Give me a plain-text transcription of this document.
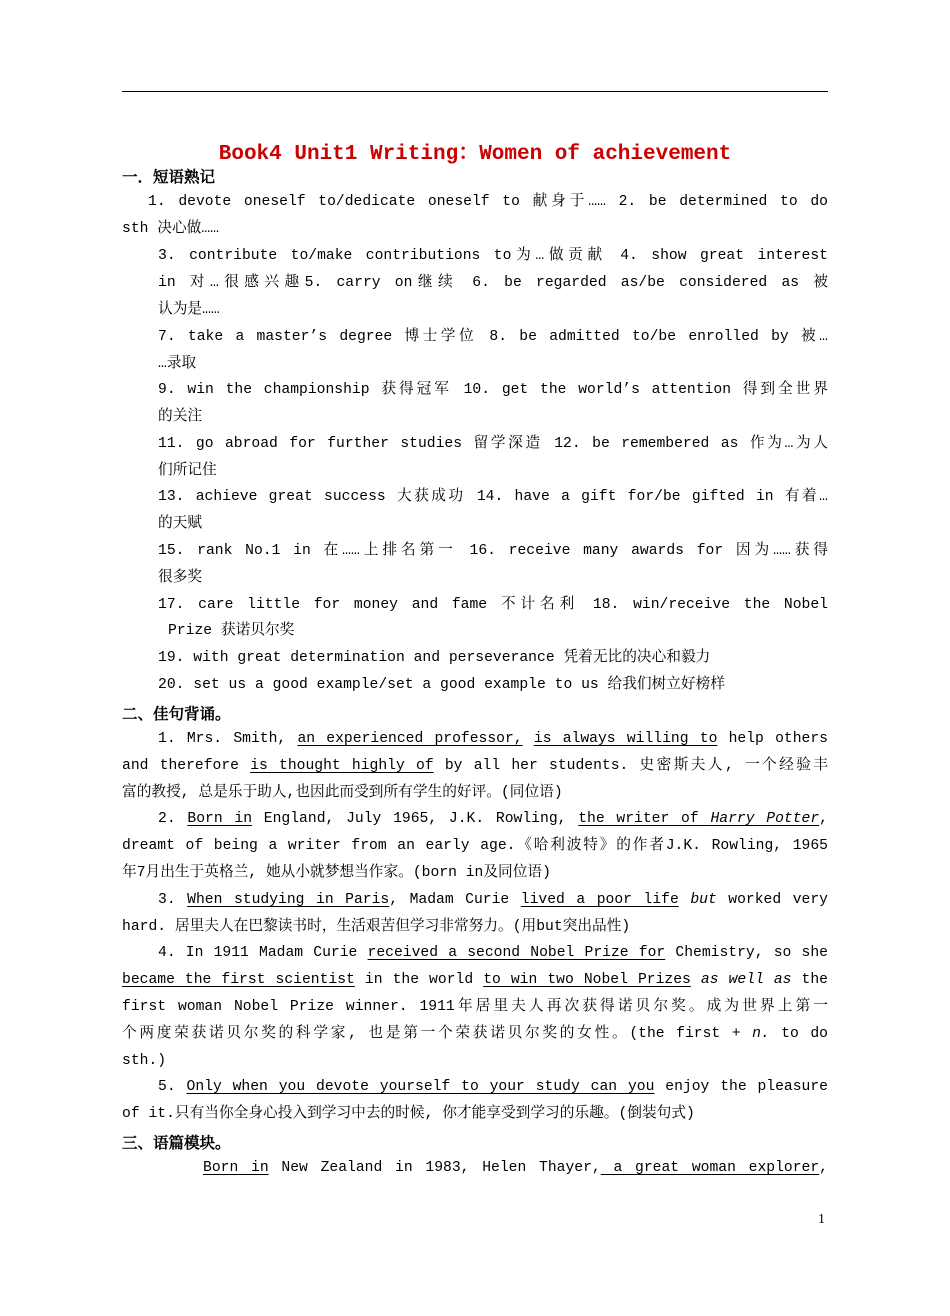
Book4 Unit1 Writing：Women of achievement
一．短语熟记
1. devote oneself to/dedicate oneself to 献身于…… 2. be determined to do
sth 决心做……
3. contribute to/make contributions to为…做贡献 4. show great interest
in 对…很感兴趣5. carry on继续 6. be regarded as/be considered as 被
认为是……
7. take a master’s degree 博士学位 8. be admitted to/be enrolled by 被…
…录取
9. win the championship 获得冠军 10. get the world’s attention 得到全世界
的关注
11. go abroad for further studies 留学深造 12. be remembered as 作为…为人
们所记住
13. achieve great success 大获成功 14. have a gift for/be gifted in 有着…
的天赋
15. rank No.1 in 在……上排名第一 16. receive many awards for 因为……获得
很多奖
17. care little for money and fame 不计名利 18. win/receive the Nobel
Prize 获诺贝尔奖
19. with great determination and perseverance 凭着无比的决心和毅力
20. set us a good example/set a good example to us 给我们树立好榜样
二、佳句背诵。
1. Mrs. Smith, an experienced professor, is always willing to help others
and therefore is thought highly of by all her students. 史密斯夫人, 一个经验丰
富的教授, 总是乐于助人,也因此而受到所有学生的好评。(同位语)
2. Born in England, July 1965, J.K. Rowling, the writer of Harry Potter,
dreamt of being a writer from an early age.《哈利波特》的作者J.K. Rowling, 1965
年7月出生于英格兰, 她从小就梦想当作家。(born in及同位语)
3. When studying in Paris, Madam Curie lived a poor life but worked very
hard. 居里夫人在巴黎读书时，生活艰苦但学习非常努力。(用but突出品性)
4. In 1911 Madam Curie received a second Nobel Prize for Chemistry, so she
became the first scientist in the world to win two Nobel Prizes as well as the
first woman Nobel Prize winner. 1911年居里夫人再次获得诺贝尔奖。成为世界上第一
个两度荣获诺贝尔奖的科学家, 也是第一个荣获诺贝尔奖的女性。(the first + n. to do
sth.)
5. Only when you devote yourself to your study can you enjoy the pleasure
of it.只有当你全身心投入到学习中去的时候, 你才能享受到学习的乐趣。(倒装句式)
三、语篇模块。
Born in New Zealand in 1983, Helen Thayer, a great woman explorer,
1
